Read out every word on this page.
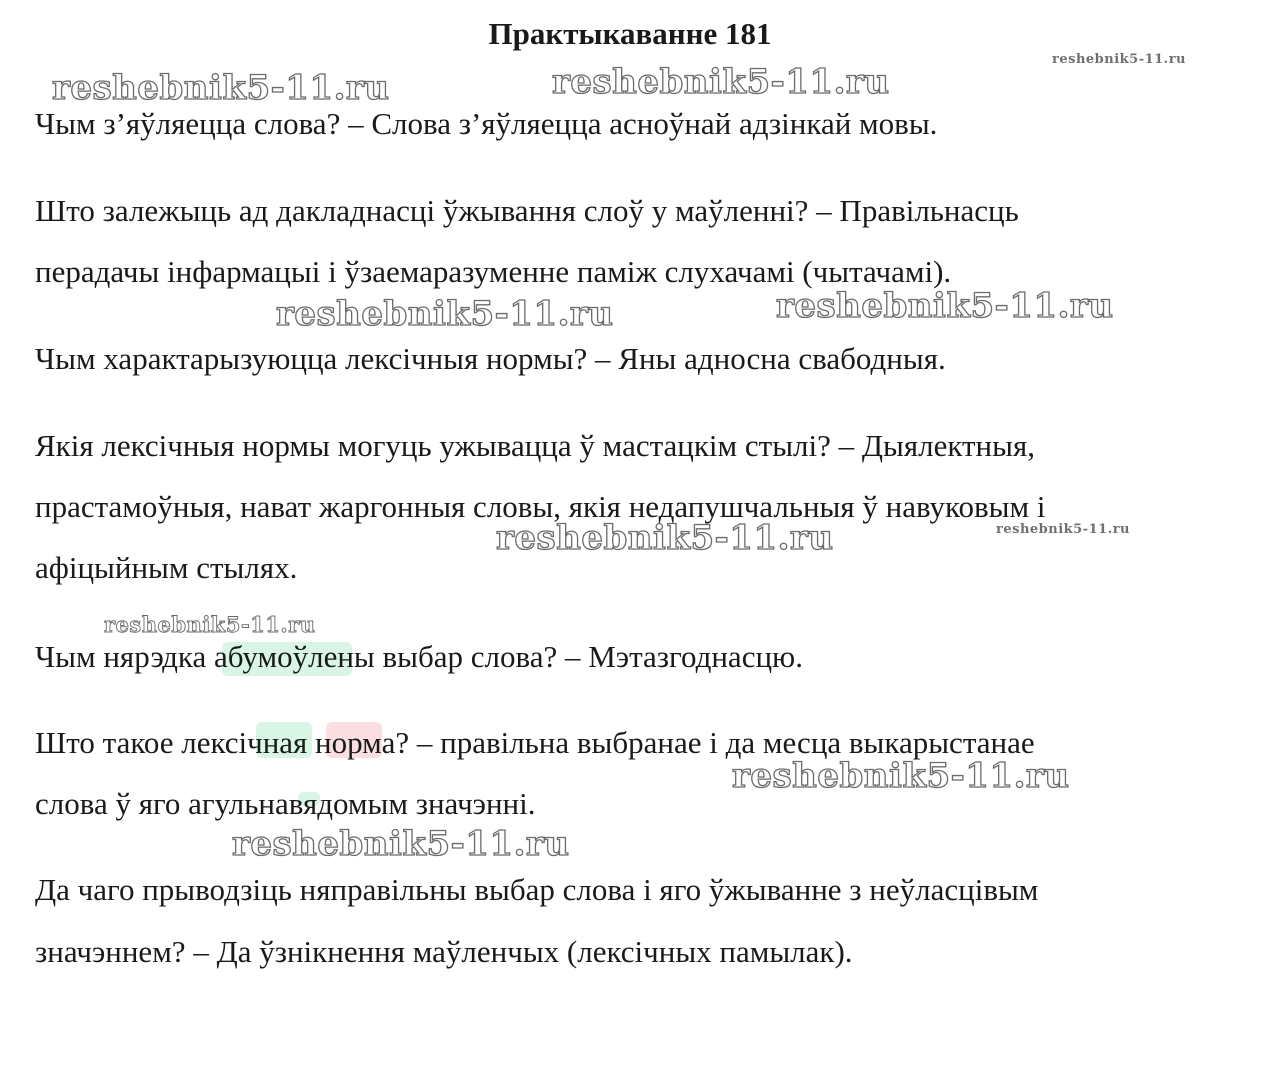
Практыкаванне 181
Чым з’яўляецца слова? – Слова з’яўляецца асноўнай адзінкай мовы.
Што залежыць ад дакладнасці ўжывання слоў у маўленні? – Правільнасць
перадачы інфармацыі і ўзаемаразуменне паміж слухачамі (чытачамі).
Чым характарызуюцца лексічныя нормы? – Яны адносна свабодныя.
Якія лексічныя нормы могуць ужывацца ў мастацкім стылі? – Дыялектныя,
прастамоўныя, нават жаргонныя словы, якія недапушчальныя ў навуковым і
афіцыйным стылях.
Чым нярэдка абумоўлены выбар слова? – Мэтазгоднасцю.
Што такое лексічная норма? – правільна выбранае і да месца выкарыстанае
слова ў яго агульнавядомым значэнні.
Да чаго прыводзіць няправільны выбар слова і яго ўжыванне з неўласцівым
значэннем? – Да ўзнікнення маўленчых (лексічных памылак).
reshebnik5-11.ru	reshebnik5-11.ru
reshebnik5-11.ru
reshebnik5-11.ru	reshebnik5-11.ru
reshebnik5-11.ru	reshebnik5-11.ru
reshebnik5-11.ru
reshebnik5-11.ru
reshebnik5-11.ru
